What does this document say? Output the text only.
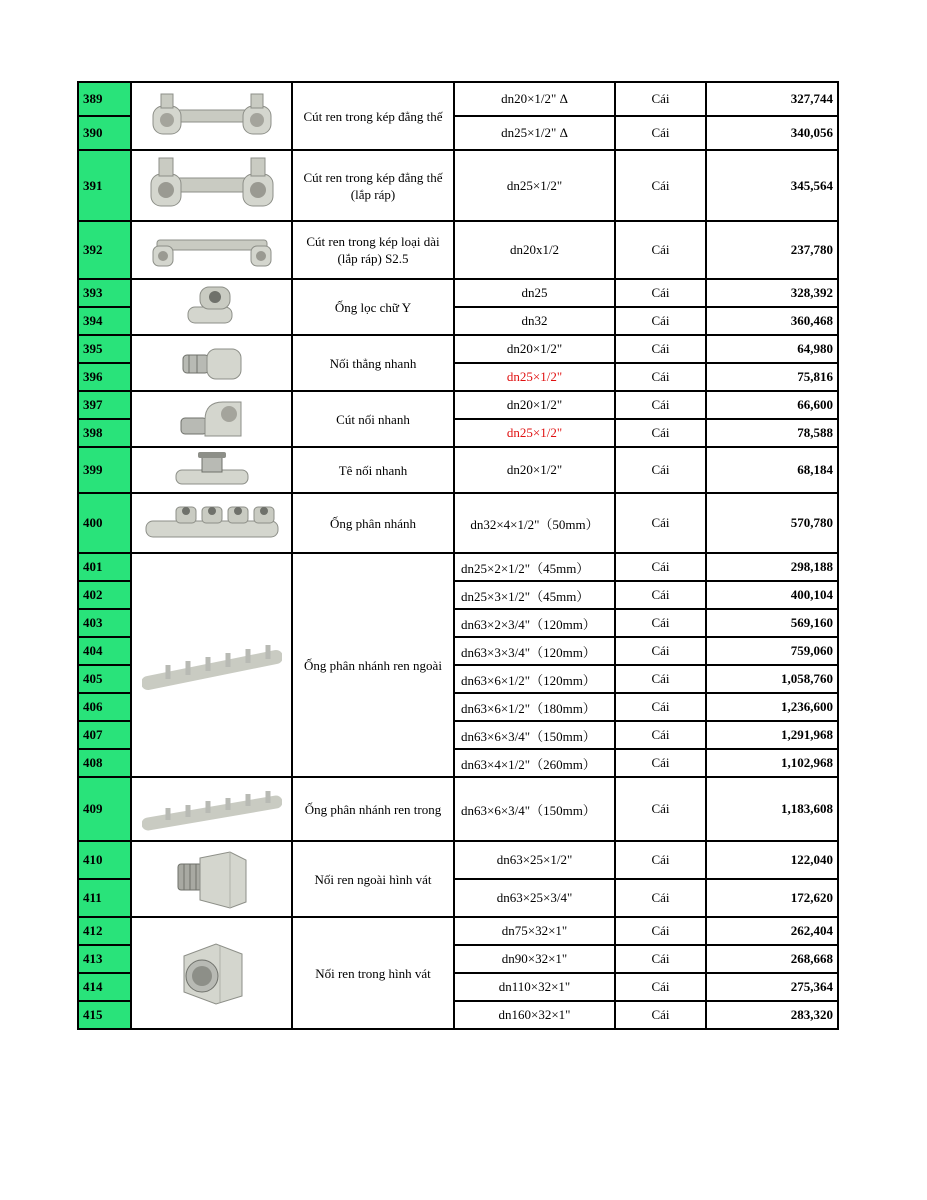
389		Cút ren trong kép đẳng thế	dn20×1/2" Δ	Cái	327,744
390			dn25×1/2" Δ	Cái	340,056
391		Cút ren trong kép đẳng thế (lắp ráp)	dn25×1/2"	Cái	345,564
392		Cút ren trong kép loại dài (lắp ráp) S2.5	dn20x1/2	Cái	237,780
393		Ống lọc chữ Y	dn25	Cái	328,392
394			dn32	Cái	360,468
395		Nối thẳng nhanh	dn20×1/2"	Cái	64,980
396			dn25×1/2"	Cái	75,816
397		Cút nối nhanh	dn20×1/2"	Cái	66,600
398			dn25×1/2"	Cái	78,588
399		Tê nối nhanh	dn20×1/2"	Cái	68,184
400		Ống phân nhánh	dn32×4×1/2"（50mm）	Cái	570,780
401		Ống phân nhánh ren ngoài	dn25×2×1/2"（45mm）	Cái	298,188
402			dn25×3×1/2"（45mm）	Cái	400,104
403			dn63×2×3/4"（120mm）	Cái	569,160
404			dn63×3×3/4"（120mm）	Cái	759,060
405			dn63×6×1/2"（120mm）	Cái	1,058,760
406			dn63×6×1/2"（180mm）	Cái	1,236,600
407			dn63×6×3/4"（150mm）	Cái	1,291,968
408			dn63×4×1/2"（260mm）	Cái	1,102,968
409		Ống phân nhánh ren trong	dn63×6×3/4"（150mm）	Cái	1,183,608
410		Nối ren ngoài hình vát	dn63×25×1/2"	Cái	122,040
411			dn63×25×3/4"	Cái	172,620
412		Nối ren trong hình vát	dn75×32×1"	Cái	262,404
413			dn90×32×1"	Cái	268,668
414			dn110×32×1"	Cái	275,364
415			dn160×32×1"	Cái	283,320
